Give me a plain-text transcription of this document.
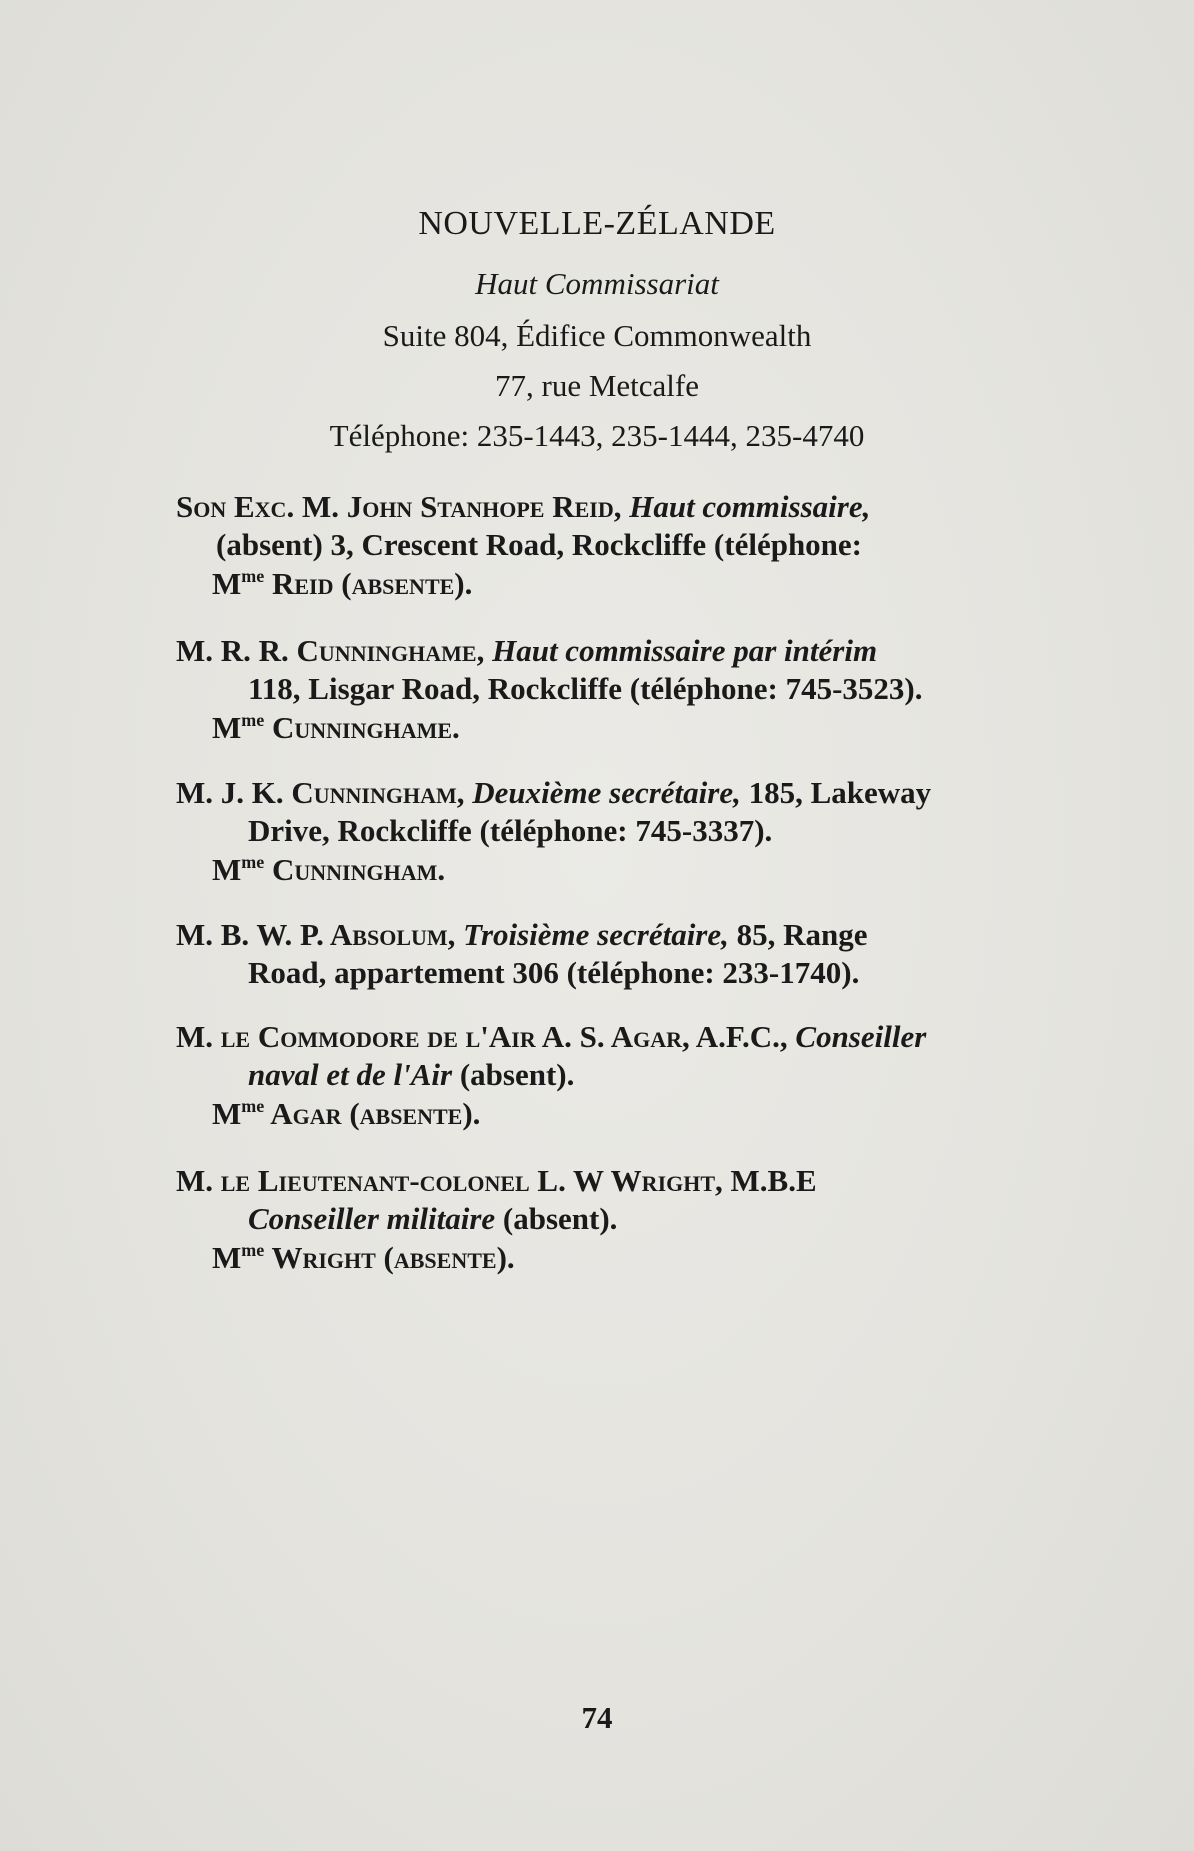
NOUVELLE-ZÉLANDE
Haut Commissariat
Suite 804, Édifice Commonwealth
77, rue Metcalfe
Téléphone: 235-1443, 235-1444, 235-4740
Son Exc. M. John Stanhope Reid, Haut commissaire,
(absent) 3, Crescent Road, Rockcliffe (téléphone:
$M^{me}$ Reid (absente).
M. R. R. Cunninghame, Haut commissaire par intérim
118, Lisgar Road, Rockcliffe (téléphone: 745-3523).
$M^{me}$ Cunninghame.
M. J. K. Cunningham, Deuxième secrétaire, 185, Lakeway
Drive, Rockcliffe (téléphone: 745-3337).
$M^{me}$ Cunningham.
M. B. W. P. Absolum, Troisième secrétaire, 85, Range
Road, appartement 306 (téléphone: 233-1740).
M. le Commodore de l'Air A. S. Agar, A.F.C., Conseiller
naval et de l'Air (absent).
$M^{me}$ Agar (absente).
M. le Lieutenant-colonel L. W Wright, M.B.E
Conseiller militaire (absent).
$M^{me}$ Wright (absente).
74
